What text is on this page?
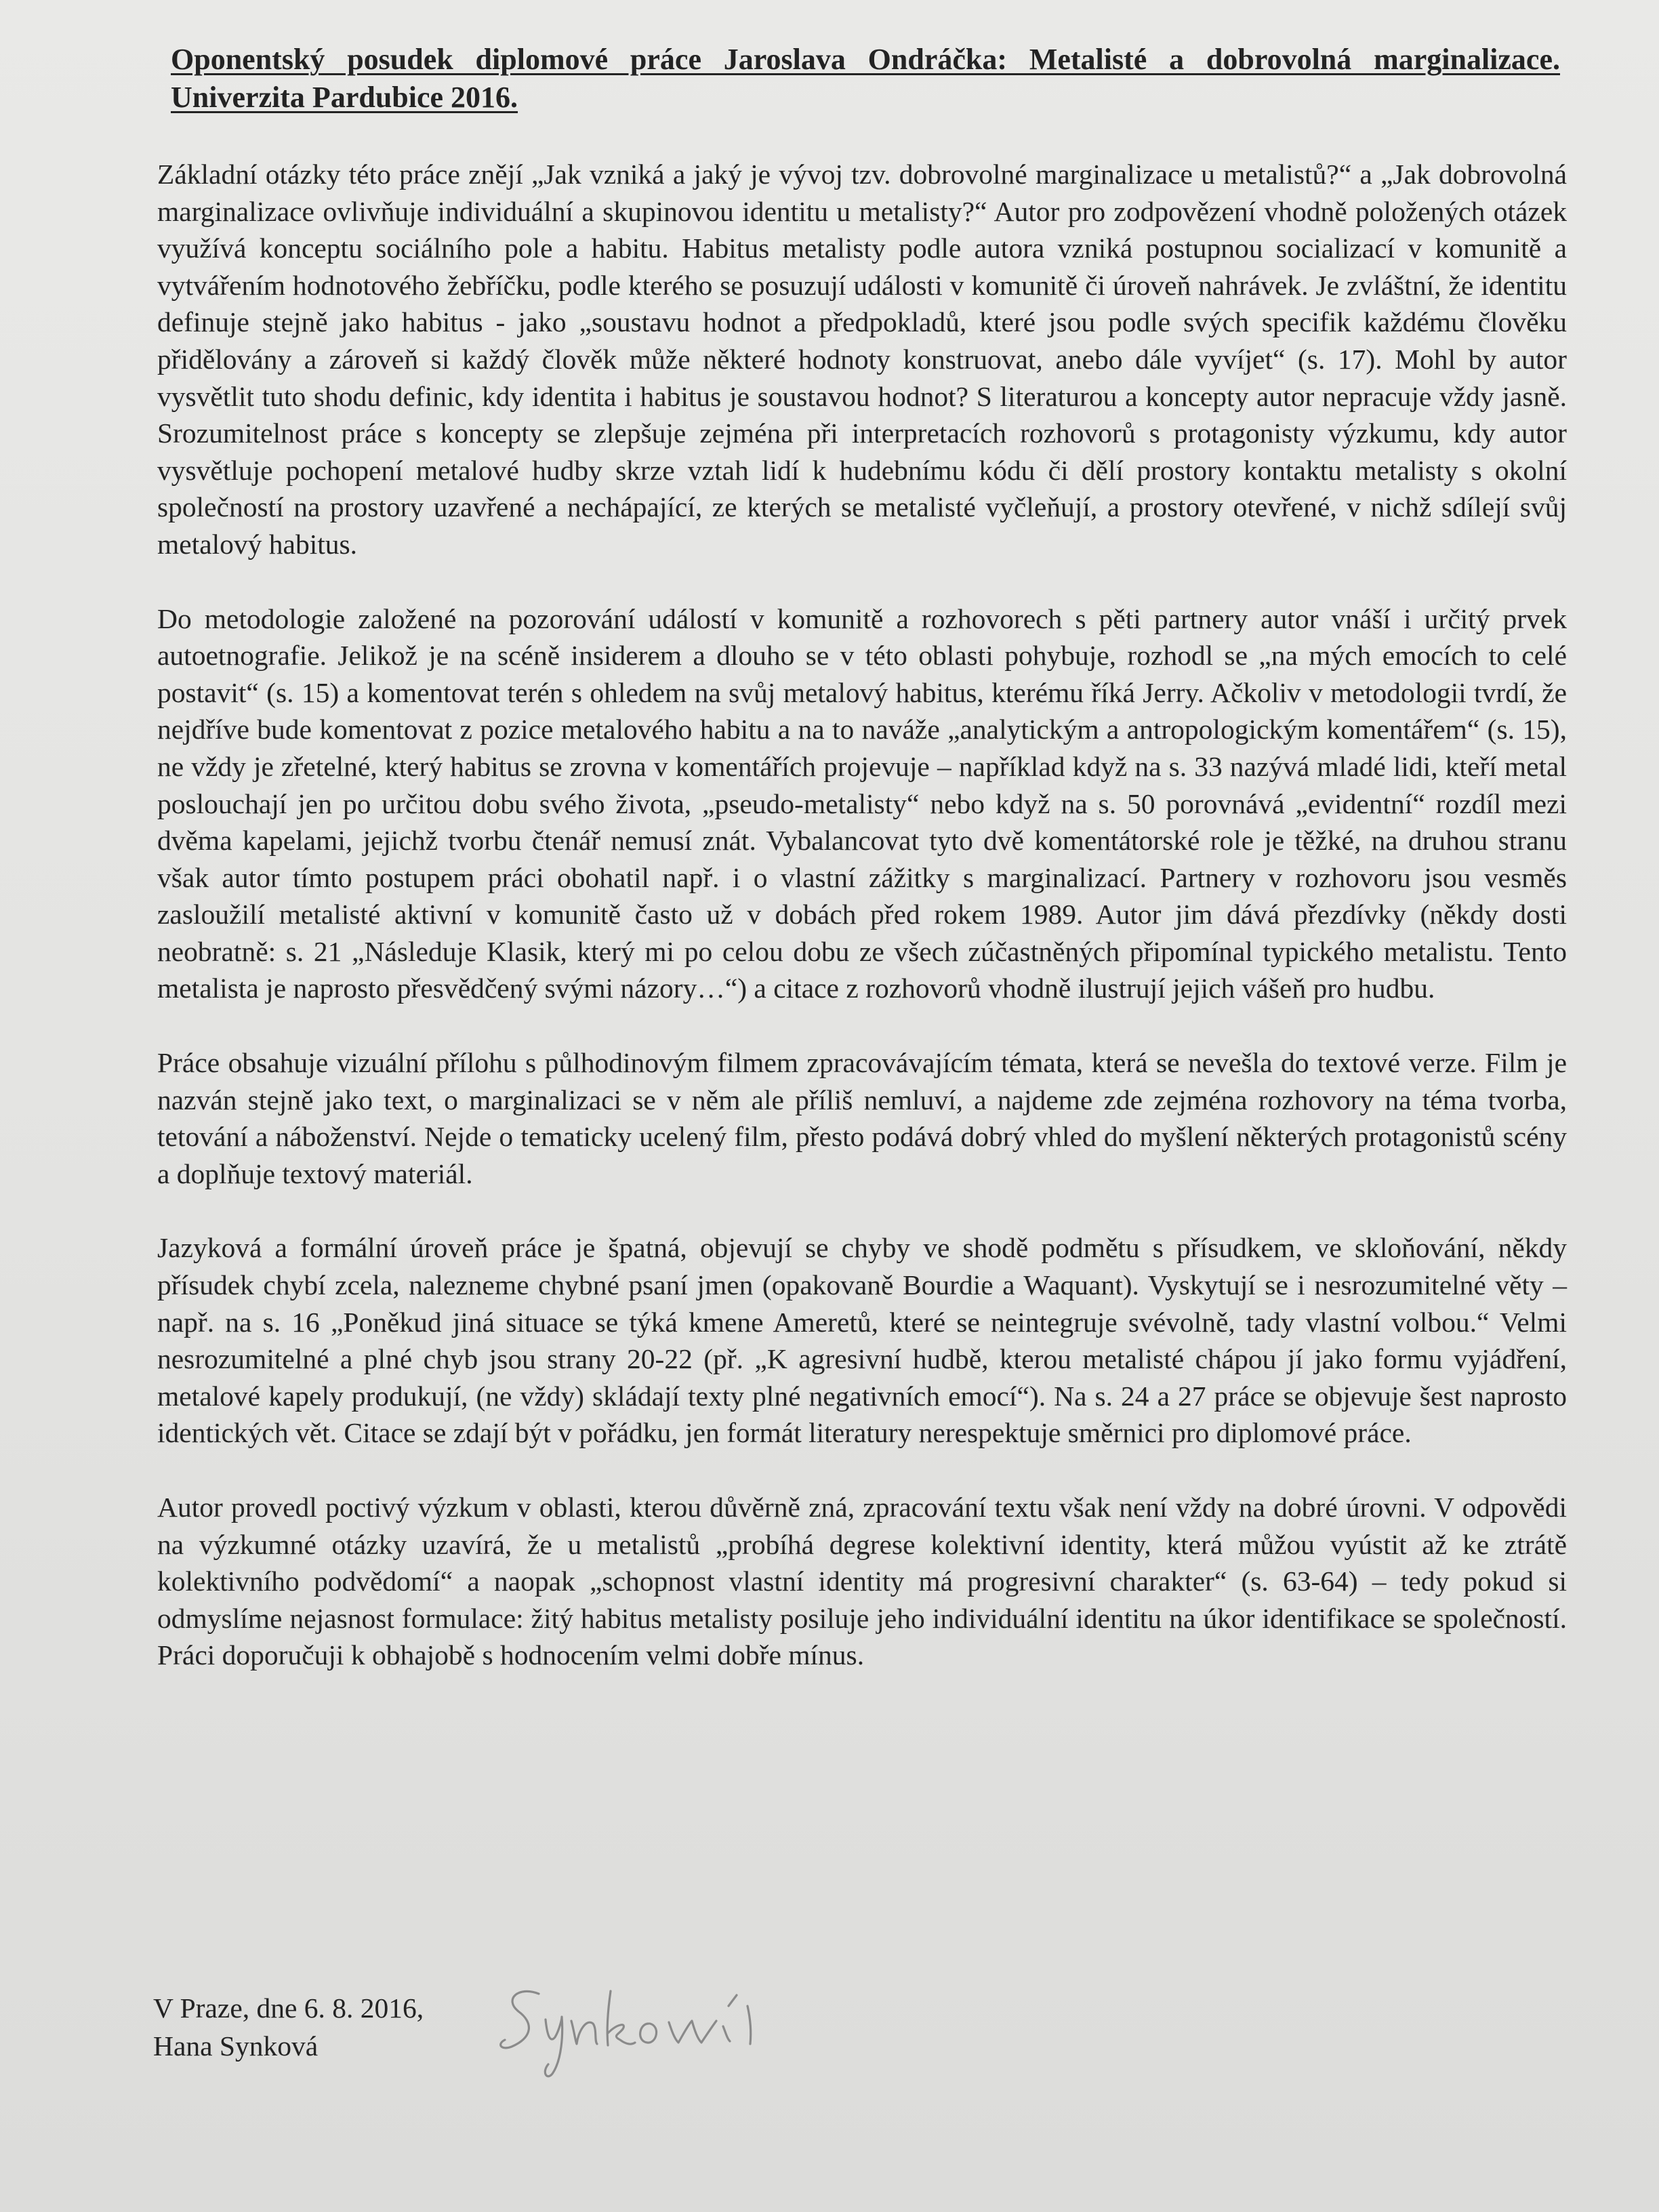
Oponentský posudek diplomové práce Jaroslava Ondráčka: Metalisté a dobrovolná marginalizace. Univerzita Pardubice 2016.
Základní otázky této práce znějí „Jak vzniká a jaký je vývoj tzv. dobrovolné marginalizace u metalistů?“ a „Jak dobrovolná marginalizace ovlivňuje individuální a skupinovou identitu u metalisty?“ Autor pro zodpovězení vhodně položených otázek využívá konceptu sociálního pole a habitu. Habitus metalisty podle autora vzniká postupnou socializací v komunitě a vytvářením hodnotového žebříčku, podle kterého se posuzují události v komunitě či úroveň nahrávek. Je zvláštní, že identitu definuje stejně jako habitus - jako „soustavu hodnot a předpokladů, které jsou podle svých specifik každému člověku přidělovány a zároveň si každý člověk může některé hodnoty konstruovat, anebo dále vyvíjet“ (s. 17). Mohl by autor vysvětlit tuto shodu definic, kdy identita i habitus je soustavou hodnot? S literaturou a koncepty autor nepracuje vždy jasně. Srozumitelnost práce s koncepty se zlepšuje zejména při interpretacích rozhovorů s protagonisty výzkumu, kdy autor vysvětluje pochopení metalové hudby skrze vztah lidí k hudebnímu kódu či dělí prostory kontaktu metalisty s okolní společností na prostory uzavřené a nechápající, ze kterých se metalisté vyčleňují, a prostory otevřené, v nichž sdílejí svůj metalový habitus.
Do metodologie založené na pozorování událostí v komunitě a rozhovorech s pěti partnery autor vnáší i určitý prvek autoetnografie. Jelikož je na scéně insiderem a dlouho se v této oblasti pohybuje, rozhodl se „na mých emocích to celé postavit“ (s. 15) a komentovat terén s ohledem na svůj metalový habitus, kterému říká Jerry. Ačkoliv v metodologii tvrdí, že nejdříve bude komentovat z pozice metalového habitu a na to naváže „analytickým a antropologickým komentářem“ (s. 15), ne vždy je zřetelné, který habitus se zrovna v komentářích projevuje – například když na s. 33 nazývá mladé lidi, kteří metal poslouchají jen po určitou dobu svého života, „pseudo-metalisty“ nebo když na s. 50 porovnává „evidentní“ rozdíl mezi dvěma kapelami, jejichž tvorbu čtenář nemusí znát. Vybalancovat tyto dvě komentátorské role je těžké, na druhou stranu však autor tímto postupem práci obohatil např. i o vlastní zážitky s marginalizací. Partnery v rozhovoru jsou vesměs zasloužilí metalisté aktivní v komunitě často už v dobách před rokem 1989. Autor jim dává přezdívky (někdy dosti neobratně: s. 21 „Následuje Klasik, který mi po celou dobu ze všech zúčastněných připomínal typického metalistu. Tento metalista je naprosto přesvědčený svými názory…“) a citace z rozhovorů vhodně ilustrují jejich vášeň pro hudbu.
Práce obsahuje vizuální přílohu s půlhodinovým filmem zpracovávajícím témata, která se nevešla do textové verze. Film je nazván stejně jako text, o marginalizaci se v něm ale příliš nemluví, a najdeme zde zejména rozhovory na téma tvorba, tetování a náboženství. Nejde o tematicky ucelený film, přesto podává dobrý vhled do myšlení některých protagonistů scény a doplňuje textový materiál.
Jazyková a formální úroveň práce je špatná, objevují se chyby ve shodě podmětu s přísudkem, ve skloňování, někdy přísudek chybí zcela, nalezneme chybné psaní jmen (opakovaně Bourdie a Waquant). Vyskytují se i nesrozumitelné věty – např. na s. 16 „Poněkud jiná situace se týká kmene Ameretů, které se neintegruje svévolně, tady vlastní volbou.“ Velmi nesrozumitelné a plné chyb jsou strany 20-22 (př. „K agresivní hudbě, kterou metalisté chápou jí jako formu vyjádření, metalové kapely produkují, (ne vždy) skládají texty plné negativních emocí“). Na s. 24 a 27 práce se objevuje šest naprosto identických vět. Citace se zdají být v pořádku, jen formát literatury nerespektuje směrnici pro diplomové práce.
Autor provedl poctivý výzkum v oblasti, kterou důvěrně zná, zpracování textu však není vždy na dobré úrovni. V odpovědi na výzkumné otázky uzavírá, že u metalistů „probíhá degrese kolektivní identity, která můžou vyústit až ke ztrátě kolektivního podvědomí“ a naopak „schopnost vlastní identity má progresivní charakter“ (s. 63-64) – tedy pokud si odmyslíme nejasnost formulace: žitý habitus metalisty posiluje jeho individuální identitu na úkor identifikace se společností. Práci doporučuji k obhajobě s hodnocením velmi dobře mínus.
V Praze, dne 6. 8. 2016,
Hana Synková
